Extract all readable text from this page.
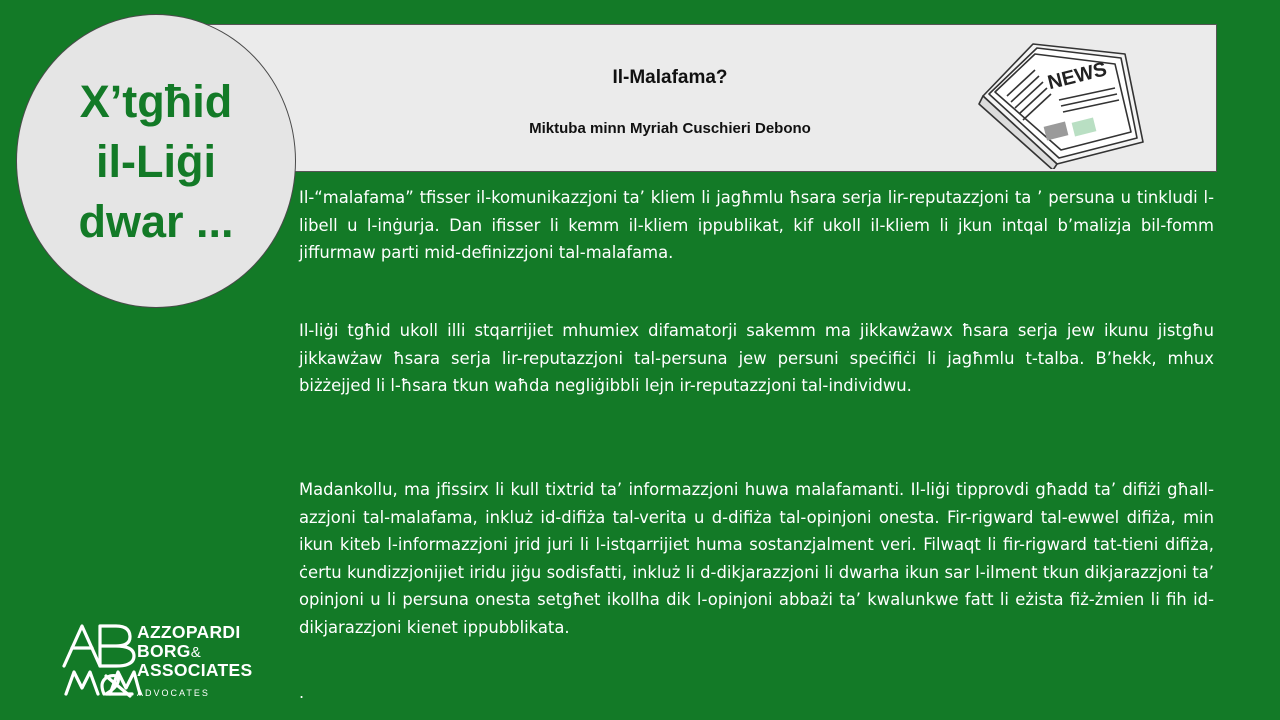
Il-Malafama?
Miktuba minn Myriah Cuschieri Debono
NEWS
X’tgħid
il-Liġi
dwar ...	Il-“malafama” tfisser il-komunikazzjoni ta’ kliem li jagħmlu ħsara serja lir-reputazzjoni ta ’ persuna u tinkludi l-libell u l-inġurja. Dan ifisser li kemm il-kliem ippublikat, kif ukoll il-kliem li jkun intqal b’malizja bil-fomm jiffurmaw parti mid-definizzjoni tal-malafama.
Il-liġi tgħid ukoll illi stqarrijiet mhumiex difamatorji sakemm ma jikkawżawx ħsara serja jew ikunu jistgħu jikkawżaw ħsara serja lir-reputazzjoni tal-persuna jew persuni speċifiċi li jagħmlu t-talba. B’hekk, mhux biżżejjed li l-ħsara tkun waħda negliġibbli lejn ir-reputazzjoni tal-individwu.
Madankollu, ma jfissirx li kull tixtrid ta’ informazzjoni huwa malafamanti. Il-liġi tipprovdi għadd ta’ difiżi għall-azzjoni tal-malafama, inkluż id-difiża tal-verita u d-difiża tal-opinjoni onesta. Fir-rigward tal-ewwel difiża, min ikun kiteb l-informazzjoni jrid juri li l-istqarrijiet huma sostanzjalment veri. Filwaqt li fir-rigward tat-tieni difiża, ċertu kundizzjonijiet iridu jiġu sodisfatti, inkluż li d-dikjarazzjoni li dwarha ikun sar l-ilment tkun dikjarazzjoni ta’ opinjoni u li persuna onesta setgħet ikollha dik l-opinjoni abbażi ta’ kwalunkwe fatt li eżista fiż-żmien li fih id-dikjarazzjoni kienet ippubblikata.
.
AZZOPARDI
BORG&
ASSOCIATES
ADVOCATES
